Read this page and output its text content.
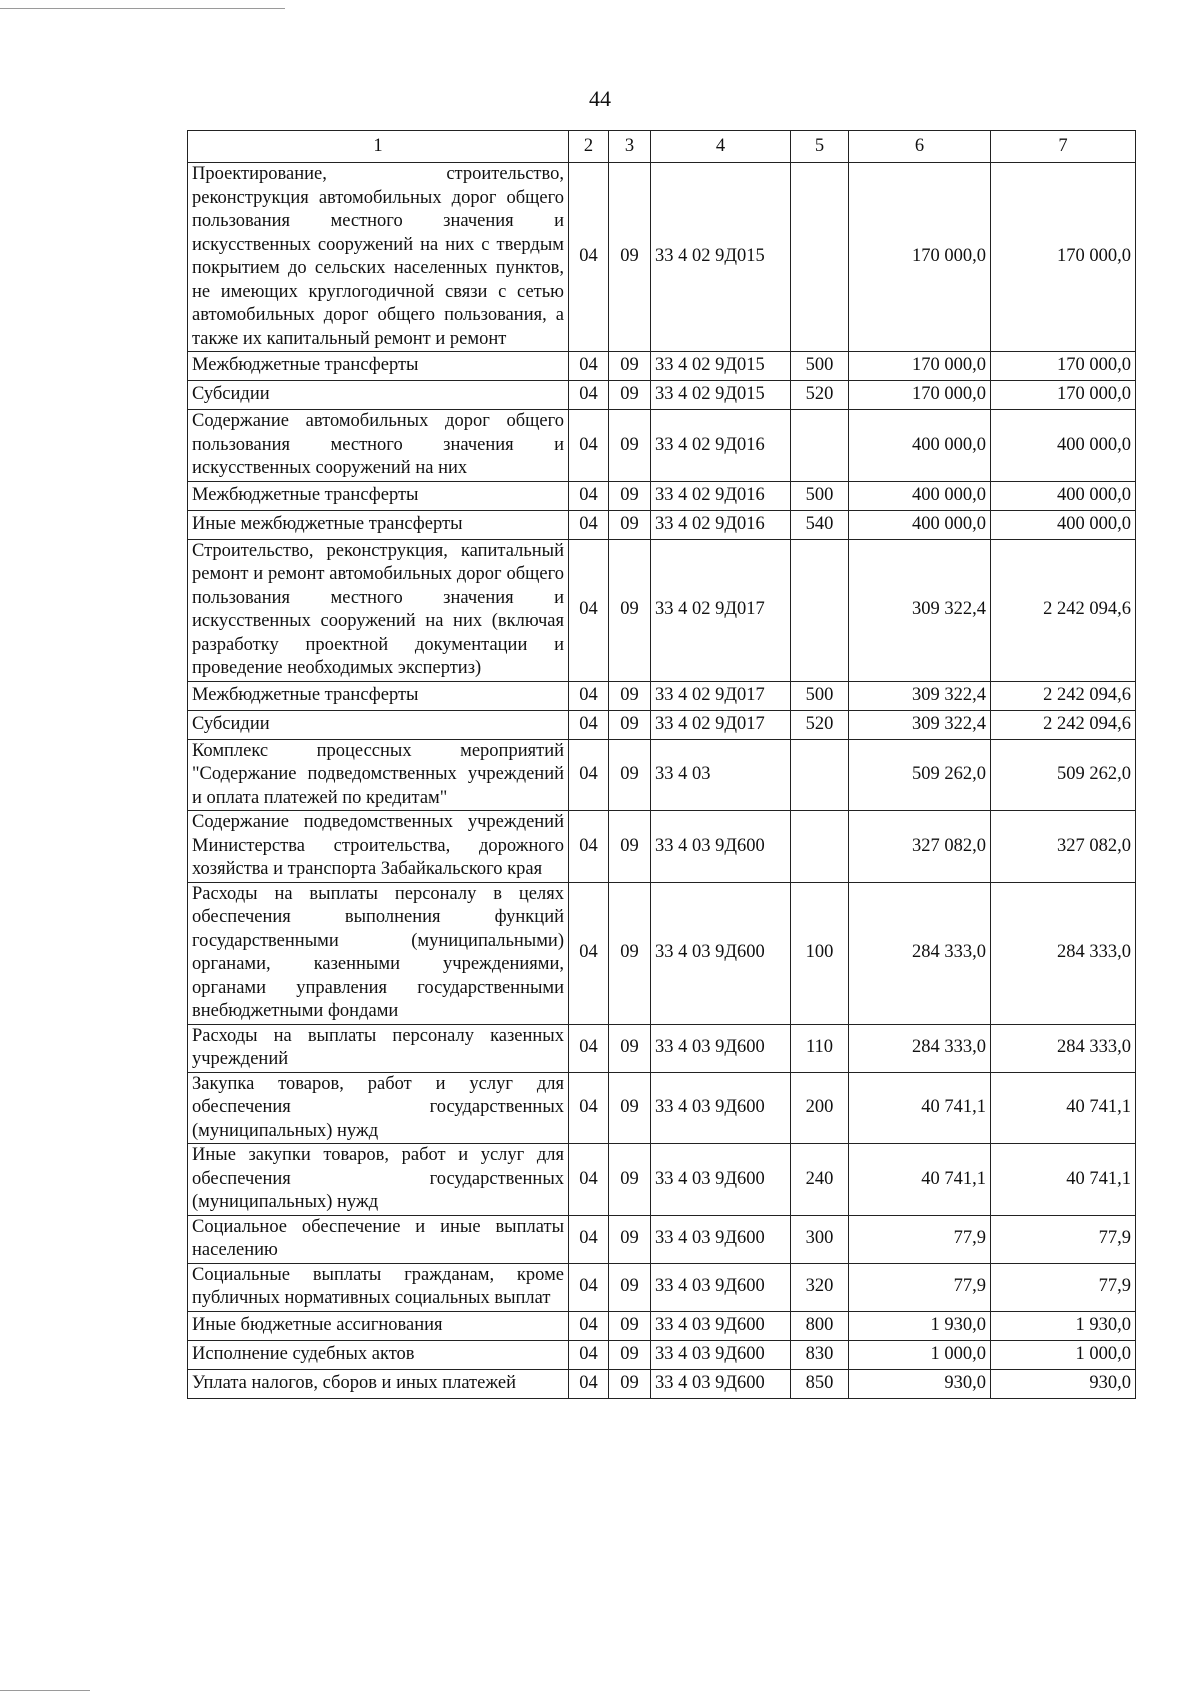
44
1	2	3	4	5	6	7
Проектирование, строительство, реконструкция автомобильных дорог общего пользования местного значения и искусственных сооружений на них с твердым покрытием до сельских населенных пунктов, не имеющих круглогодичной связи с сетью автомобильных дорог общего пользования, а также их капитальный ремонт и ремонт	04	09	33 4 02 9Д015		170 000,0	170 000,0
Межбюджетные трансферты	04	09	33 4 02 9Д015	500	170 000,0	170 000,0
Субсидии	04	09	33 4 02 9Д015	520	170 000,0	170 000,0
Содержание автомобильных дорог общего пользования местного значения и искусственных сооружений на них	04	09	33 4 02 9Д016		400 000,0	400 000,0
Межбюджетные трансферты	04	09	33 4 02 9Д016	500	400 000,0	400 000,0
Иные межбюджетные трансферты	04	09	33 4 02 9Д016	540	400 000,0	400 000,0
Строительство, реконструкция, капитальный ремонт и ремонт автомобильных дорог общего пользования местного значения и искусственных сооружений на них (включая разработку проектной документации и проведение необходимых экспертиз)	04	09	33 4 02 9Д017		309 322,4	2 242 094,6
Межбюджетные трансферты	04	09	33 4 02 9Д017	500	309 322,4	2 242 094,6
Субсидии	04	09	33 4 02 9Д017	520	309 322,4	2 242 094,6
Комплекс процессных мероприятий "Содержание подведомственных учреждений и оплата платежей по кредитам"	04	09	33 4 03		509 262,0	509 262,0
Содержание подведомственных учреждений Министерства строительства, дорожного хозяйства и транспорта Забайкальского края	04	09	33 4 03 9Д600		327 082,0	327 082,0
Расходы на выплаты персоналу в целях обеспечения выполнения функций государственными (муниципальными) органами, казенными учреждениями, органами управления государственными внебюджетными фондами	04	09	33 4 03 9Д600	100	284 333,0	284 333,0
Расходы на выплаты персоналу казенных учреждений	04	09	33 4 03 9Д600	110	284 333,0	284 333,0
Закупка товаров, работ и услуг для обеспечения государственных (муниципальных) нужд	04	09	33 4 03 9Д600	200	40 741,1	40 741,1
Иные закупки товаров, работ и услуг для обеспечения государственных (муниципальных) нужд	04	09	33 4 03 9Д600	240	40 741,1	40 741,1
Социальное обеспечение и иные выплаты населению	04	09	33 4 03 9Д600	300	77,9	77,9
Социальные выплаты гражданам, кроме публичных нормативных социальных выплат	04	09	33 4 03 9Д600	320	77,9	77,9
Иные бюджетные ассигнования	04	09	33 4 03 9Д600	800	1 930,0	1 930,0
Исполнение судебных актов	04	09	33 4 03 9Д600	830	1 000,0	1 000,0
Уплата налогов, сборов и иных платежей	04	09	33 4 03 9Д600	850	930,0	930,0
